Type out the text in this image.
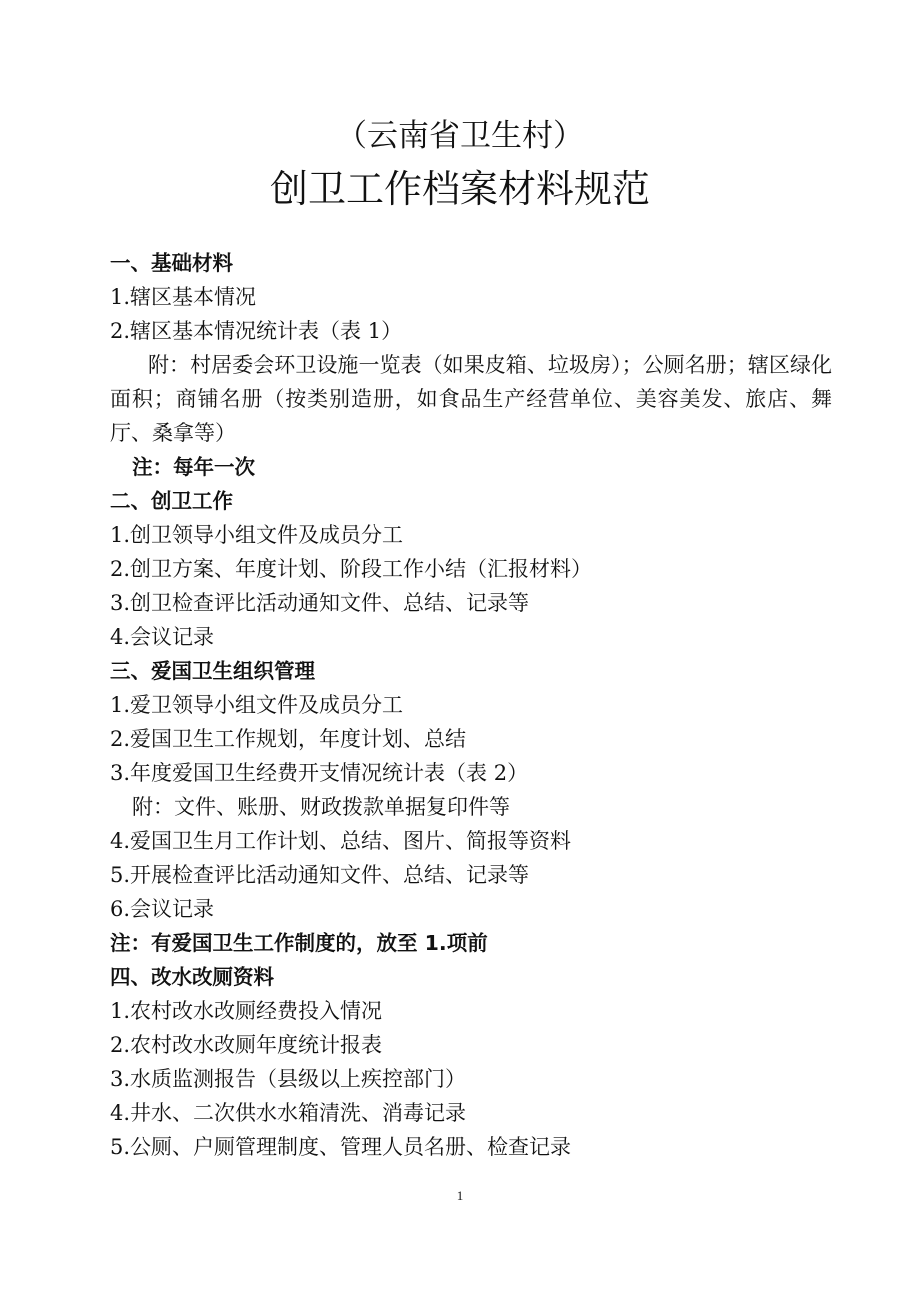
（云南省卫生村）
创卫工作档案材料规范
一、基础材料
1.辖区基本情况
2.辖区基本情况统计表（表 1）
附：村居委会环卫设施一览表（如果皮箱、垃圾房）；公厕名册；辖区绿化面积；商铺名册（按类别造册，如食品生产经营单位、美容美发、旅店、舞厅、桑拿等）
注：每年一次
二、创卫工作
1.创卫领导小组文件及成员分工
2.创卫方案、年度计划、阶段工作小结（汇报材料）
3.创卫检查评比活动通知文件、总结、记录等
4.会议记录
三、爱国卫生组织管理
1.爱卫领导小组文件及成员分工
2.爱国卫生工作规划，年度计划、总结
3.年度爱国卫生经费开支情况统计表（表 2）
附：文件、账册、财政拨款单据复印件等
4.爱国卫生月工作计划、总结、图片、简报等资料
5.开展检查评比活动通知文件、总结、记录等
6.会议记录
注：有爱国卫生工作制度的，放至 1.项前
四、改水改厕资料
1.农村改水改厕经费投入情况
2.农村改水改厕年度统计报表
3.水质监测报告（县级以上疾控部门）
4.井水、二次供水水箱清洗、消毒记录
5.公厕、户厕管理制度、管理人员名册、检查记录
1
